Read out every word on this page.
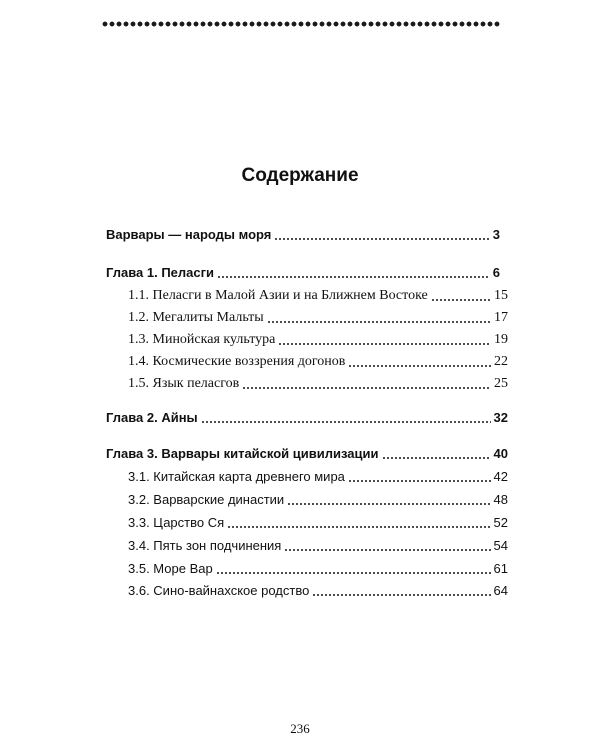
Содержание
Варвары — народы моря	3
Глава 1. Пеласги	6
1.1. Пеласги в Малой Азии и на Ближнем Востоке	15
1.2. Мегалиты Мальты	17
1.3. Минойская культура	19
1.4. Космические воззрения догонов	22
1.5. Язык пеласгов	25
Глава 2. Айны	32
Глава 3. Варвары китайской цивилизации	40
3.1. Китайская карта древнего мира	42
3.2. Варварские династии	48
3.3. Царство Ся	52
3.4. Пять зон подчинения	54
3.5. Море Вар	61
3.6. Сино-вайнахское родство	64
236
